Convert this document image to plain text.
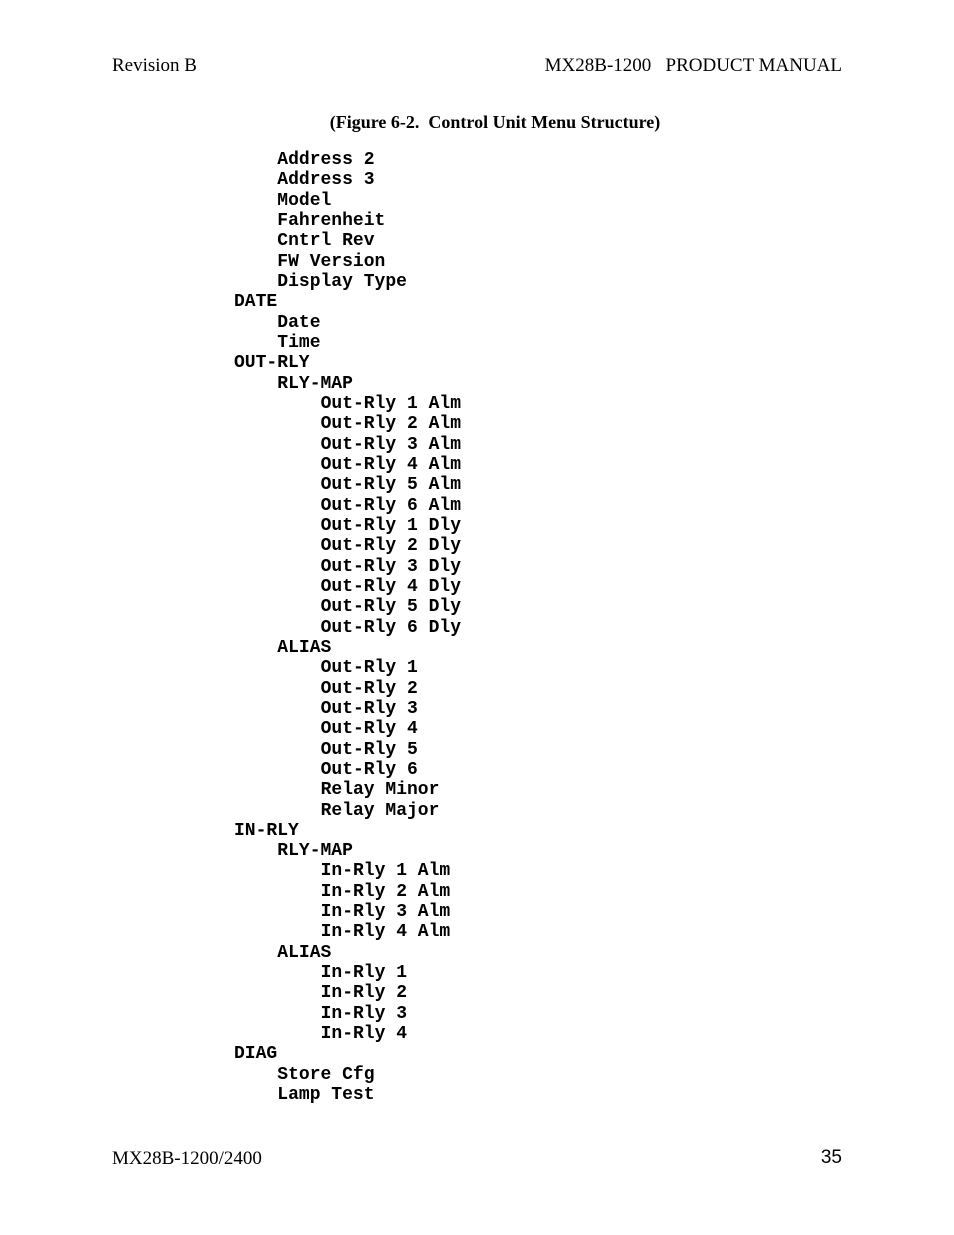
Revision B	MX28B-1200   PRODUCT MANUAL
(Figure 6-2.  Control Unit Menu Structure)
Address 2
Address 3
Model
Fahrenheit
Cntrl Rev
FW Version
Display Type
DATE
Date
Time
OUT-RLY
RLY-MAP
Out-Rly 1 Alm
Out-Rly 2 Alm
Out-Rly 3 Alm
Out-Rly 4 Alm
Out-Rly 5 Alm
Out-Rly 6 Alm
Out-Rly 1 Dly
Out-Rly 2 Dly
Out-Rly 3 Dly
Out-Rly 4 Dly
Out-Rly 5 Dly
Out-Rly 6 Dly
ALIAS
Out-Rly 1
Out-Rly 2
Out-Rly 3
Out-Rly 4
Out-Rly 5
Out-Rly 6
Relay Minor
Relay Major
IN-RLY
RLY-MAP
In-Rly 1 Alm
In-Rly 2 Alm
In-Rly 3 Alm
In-Rly 4 Alm
ALIAS
In-Rly 1
In-Rly 2
In-Rly 3
In-Rly 4
DIAG
Store Cfg
Lamp Test
MX28B-1200/2400	35
